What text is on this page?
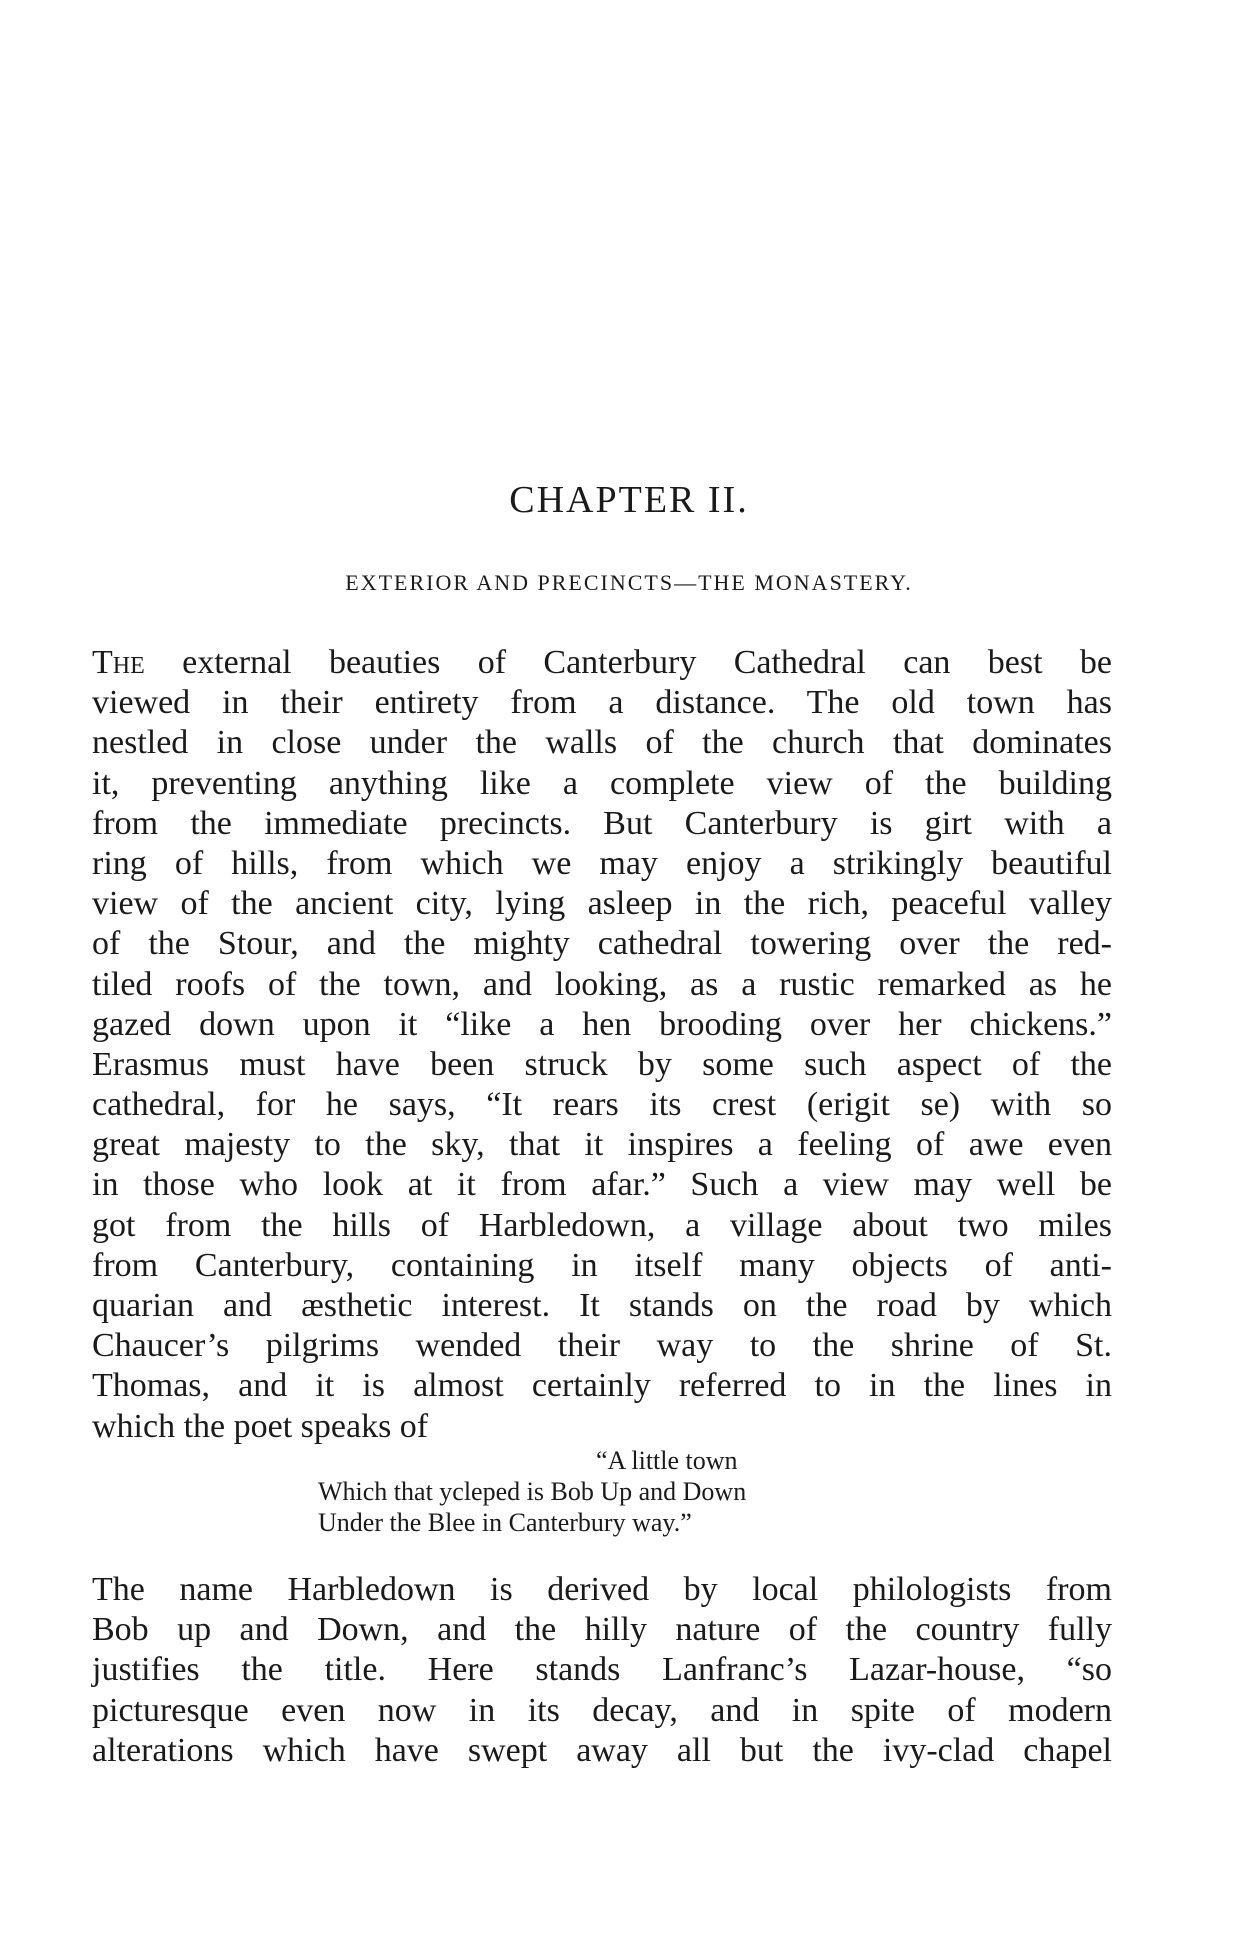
CHAPTER II.
EXTERIOR AND PRECINCTS—THE MONASTERY.

The external beauties of Canterbury Cathedral can best be
viewed in their entirety from a distance. The old town has
nestled in close under the walls of the church that dominates
it, preventing anything like a complete view of the building
from the immediate precincts. But Canterbury is girt with a
ring of hills, from which we may enjoy a strikingly beautiful
view of the ancient city, lying asleep in the rich, peaceful valley
of the Stour, and the mighty cathedral towering over the red-
tiled roofs of the town, and looking, as a rustic remarked as he
gazed down upon it “like a hen brooding over her chickens.”
Erasmus must have been struck by some such aspect of the
cathedral, for he says, “It rears its crest (erigit se) with so
great majesty to the sky, that it inspires a feeling of awe even
in those who look at it from afar.” Such a view may well be
got from the hills of Harbledown, a village about two miles
from Canterbury, containing in itself many objects of anti-
quarian and æsthetic interest. It stands on the road by which
Chaucer’s pilgrims wended their way to the shrine of St.
Thomas, and it is almost certainly referred to in the lines in
which the poet speaks of

“A little town
Which that ycleped is Bob Up and Down
Under the Blee in Canterbury way.”

The name Harbledown is derived by local philologists from
Bob up and Down, and the hilly nature of the country fully
justifies the title. Here stands Lanfranc’s Lazar-house, “so
picturesque even now in its decay, and in spite of modern
alterations which have swept away all but the ivy-clad chapel
